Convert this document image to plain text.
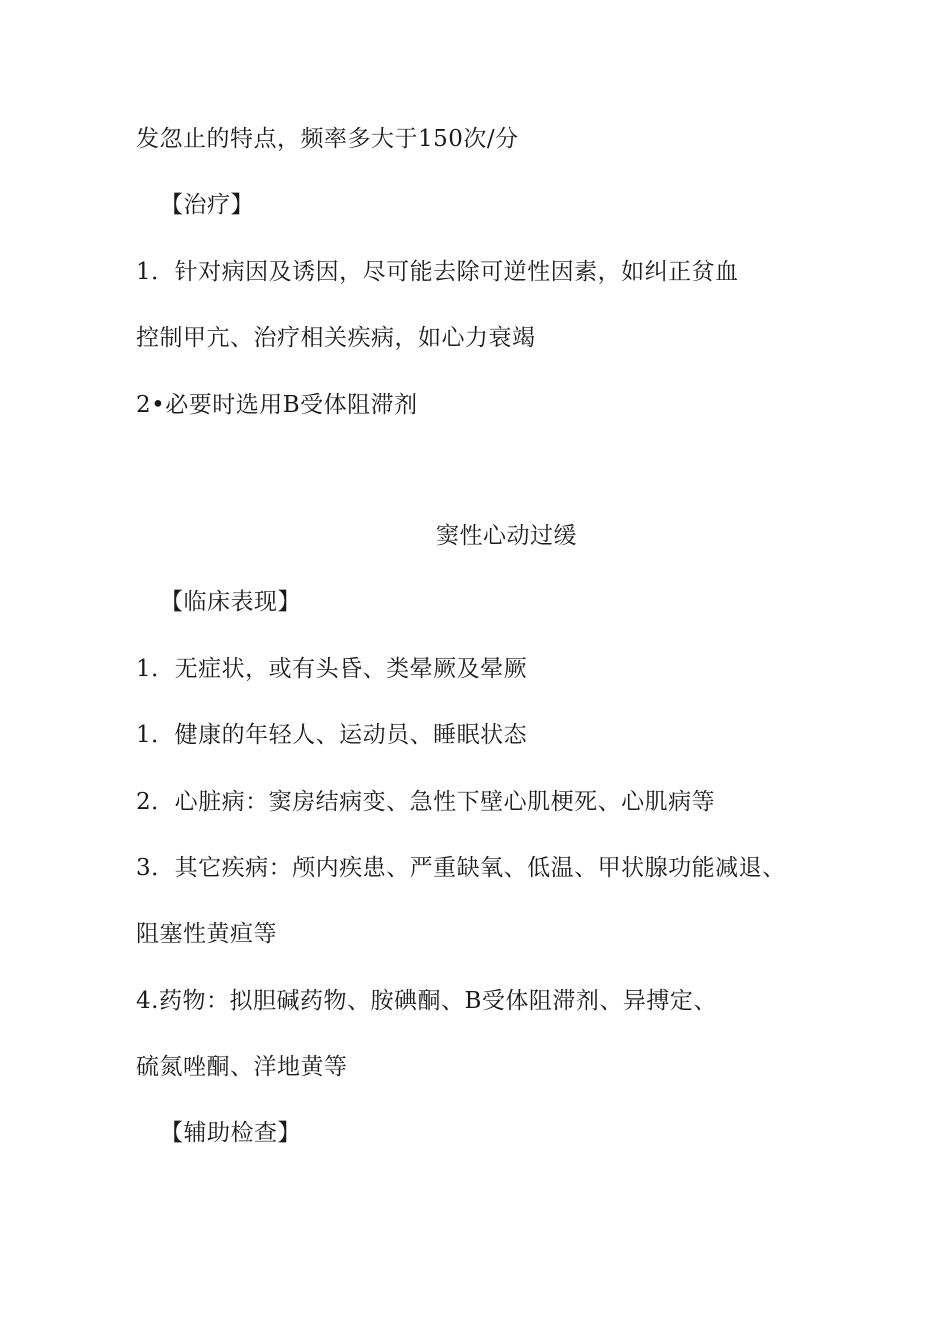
发忽止的特点，频率多大于150次/分
【治疗】
1．针对病因及诱因，尽可能去除可逆性因素，如纠正贫血
控制甲亢、治疗相关疾病，如心力衰竭
2•必要时选用B受体阻滞剂
窦性心动过缓
【临床表现】
1．无症状，或有头昏、类晕厥及晕厥
1．健康的年轻人、运动员、睡眠状态
2．心脏病：窦房结病变、急性下壁心肌梗死、心肌病等
3．其它疾病：颅内疾患、严重缺氧、低温、甲状腺功能减退、
阻塞性黄疸等
4.药物：拟胆碱药物、胺碘酮、B受体阻滞剂、异搏定、
硫氮唑酮、洋地黄等
【辅助检查】
